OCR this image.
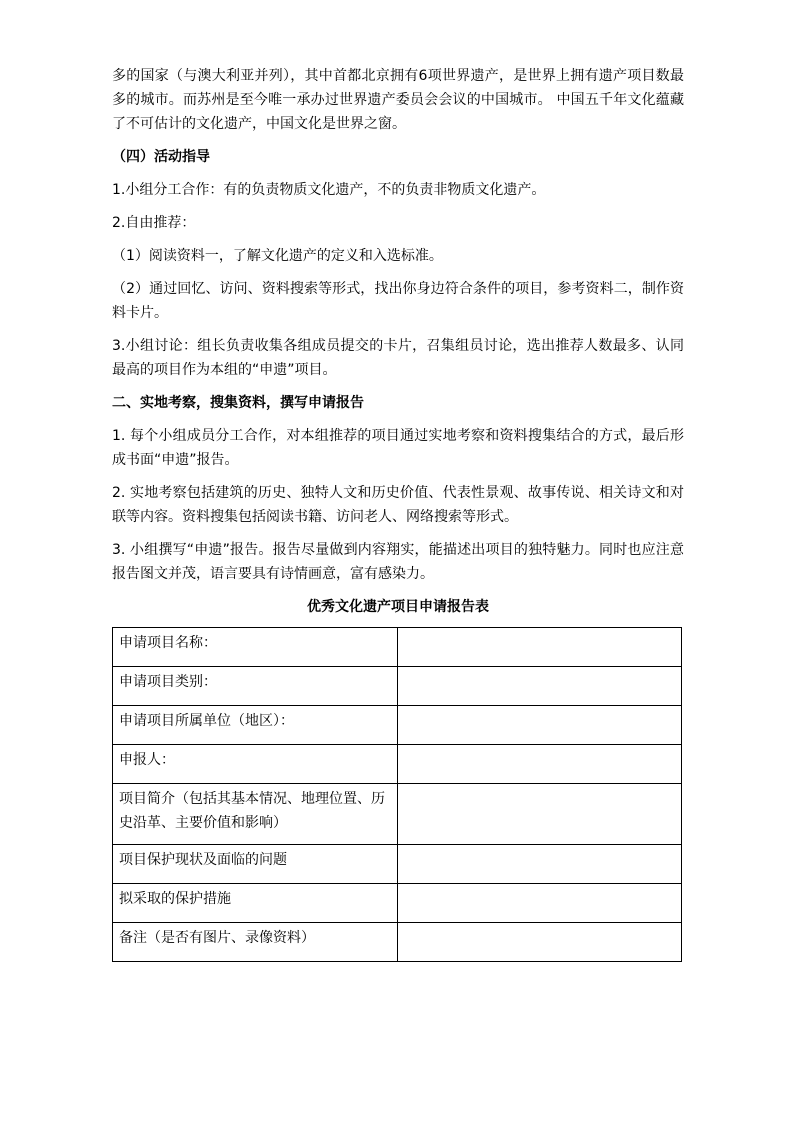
多的国家（与澳大利亚并列），其中首都北京拥有6项世界遗产，是世界上拥有遗产项目数最多的城市。而苏州是至今唯一承办过世界遗产委员会会议的中国城市。 中国五千年文化蕴藏了不可估计的文化遗产，中国文化是世界之窗。

（四）活动指导

1.小组分工合作：有的负责物质文化遗产，不的负责非物质文化遗产。

2.自由推荐：

（1）阅读资料一，了解文化遗产的定义和入选标准。

（2）通过回忆、访问、资料搜索等形式，找出你身边符合条件的项目，参考资料二，制作资料卡片。

3.小组讨论：组长负责收集各组成员提交的卡片，召集组员讨论，选出推荐人数最多、认同最高的项目作为本组的“申遗”项目。

二、实地考察，搜集资料，撰写申请报告

1. 每个小组成员分工合作，对本组推荐的项目通过实地考察和资料搜集结合的方式，最后形成书面“申遗”报告。

2. 实地考察包括建筑的历史、独特人文和历史价值、代表性景观、故事传说、相关诗文和对联等内容。资料搜集包括阅读书籍、访问老人、网络搜索等形式。

3. 小组撰写“申遗”报告。报告尽量做到内容翔实，能描述出项目的独特魅力。同时也应注意报告图文并茂，语言要具有诗情画意，富有感染力。

优秀文化遗产项目申请报告表
申请项目名称：	
申请项目类别：	
申请项目所属单位（地区）：	
申报人：	
项目简介（包括其基本情况、地理位置、历史沿革、主要价值和影响）	
项目保护现状及面临的问题	
拟采取的保护措施	
备注（是否有图片、录像资料）	
